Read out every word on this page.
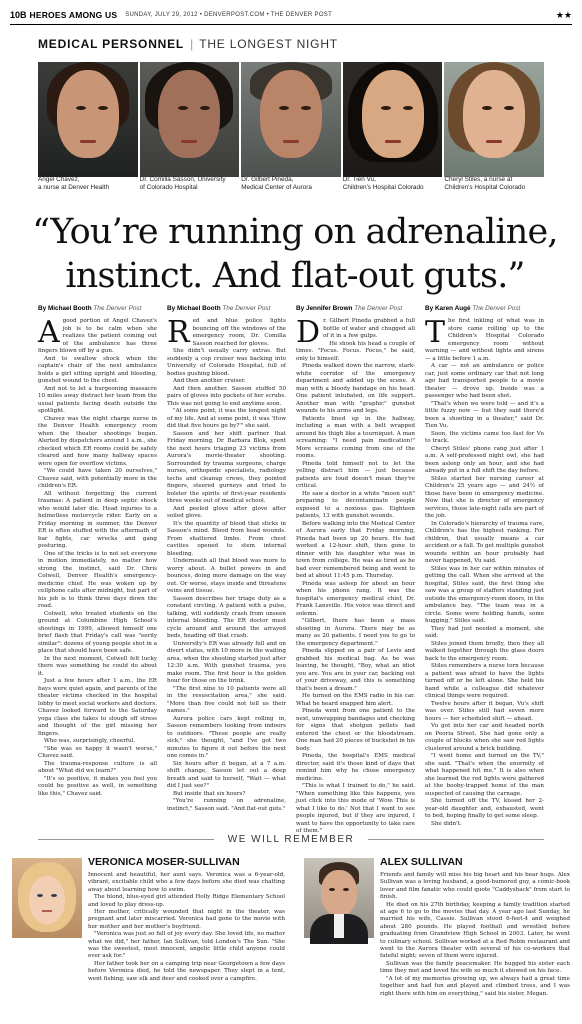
10B HEROES AMONG US SUNDAY, JULY 29, 2012 • DENVERPOST.COM • THE DENVER POST	★★
MEDICAL PERSONNEL | THE LONGEST NIGHT
Angel Chavez,
a nurse at Denver Health
Dr. Comilla Sasson, University
of Colorado Hospital
Dr. Gilbert Pineda,
Medical Center of Aurora
Dr. Tien Vu,
Children's Hospital Colorado
Cheryl Stiles, a nurse at
Children's Hospital Colorado
“You’re running on adrenaline,
instinct. And flat-out guts.”
By Michael Booth The Denver Post	By Michael Booth The Denver Post	By Jennifer Brown The Denver Post	By Karen Augé The Denver Post

Agood portion of Angel Chavez's job is to be calm when she realizes the patient coming out of the ambulance has three fingers blown off by a gun.

And to swallow shock when the captain's chair of the next ambulance holds a girl sitting upright and bleeding, gunshot wound to the chest.

And not to let a burgeoning massacre 10 miles away distract her team from the usual patients facing death outside the spotlight.

Chavez was the night charge nurse in the Denver Health emergency room when the theater shootings began. Alerted by dispatchers around 1 a.m., she checked which ER rooms could be safely cleared and how many hallway spaces were open for overflow victims.

"We could have taken 20 ourselves," Chavez said, with potentially more in the children's ER.

All without forgetting the current traumas: A patient in deep septic shock who would later die. Head injuries to a helmetless motorcycle rider. Early on a Friday morning in summer, the Denver ER is often stuffed with the aftermath of bar fights, car wrecks and gang posturing.

One of the tricks is to not set everyone in motion immediately, no matter how strong the instinct, said Dr. Chris Colwell, Denver Health's emergency-medicine chief. He was woken up by cellphone calls after midnight, but part of his job is to think three days down the road.

Colwell, who treated students on the ground at Columbine High School's shootings in 1999, allowed himself one brief flash that Friday's call was "eerily similar": dozens of young people shot in a place that should have been safe.

In the next moment, Colwell felt lucky there was something he could do about it.

Just a few hours after 1 a.m., the ER bays were quiet again, and parents of the theater victims checked in the hospital lobby to meet social workers and doctors. Chavez looked forward to the Saturday yoga class she takes to slough off stress and thought of the girl missing her fingers.

Who was, surprisingly, cheerful.

"She was so happy it wasn't worse," Chavez said.

The trauma-response culture is all about "What did we learn?"

"It's so positive, it makes you feel you could be positive as well, in something like this," Chavez said.

Red and blue police lights bouncing off the windows of the emergency room, Dr. Comilla Sasson reached for gloves.

She didn't usually carry extras. But suddenly a cop cruiser was backing into University of Colorado Hospital, full of bodies gushing blood.

And then another cruiser.

And then another. Sasson stuffed 50 pairs of gloves into pockets of her scrubs. This was not going to end anytime soon.

"At some point, it was the longest night of my life. And at some point, it was 'How did that five hours go by?'" she said.

Sasson and her shift partner that Friday morning, Dr. Barbara Blok, spent the next hours triaging 23 victims from Aurora's movie-theater shooting. Surrounded by trauma surgeons, charge nurses, orthopedic specialists, radiology techs and cleanup crews, they pointed fingers, steered gurneys and tried to bolster the spirits of first-year residents three weeks out of medical school.

And peeled glove after glove after soiled glove.

It's the quantity of blood that sticks in Sasson's mind. Blood from head wounds. From shattered limbs. From chest cavities opened to stem internal bleeding.

Underneath all that blood was more to worry about. A bullet powers in and bounces, doing more damage on the way out. Or worse, stays inside and threatens veins and tissue.

Sasson describes her triage duty as a constant circling. A patient with a pulse, talking, will suddenly crash from unseen internal bleeding. The ER doctor must cycle around and around the arrayed beds, heading off that crash.

University's ER was already full and on divert status, with 10 more in the waiting area, when the shooting started just after 12:30 a.m. With gunshot trauma, you make room. The first hour is the golden hour for those on the brink.

"The first nine to 10 patients were all in the resuscitation area," she said. "More than five could not tell us their names."

Aurora police cars kept rolling in, Sasson remembers looking from indoors to outdoors. "These people are really sick," she thought, "and I've got two minutes to figure it out before the next one comes in."

Six hours after it began, at a 7 a.m. shift change, Sasson let out a deep breath and said to herself, "Wait — what did I just see?"

But inside that six hours?

"You're running on adrenaline, instinct," Sasson said. "And flat-out guts."

Dr. Gilbert Pineda grabbed a full bottle of water and chugged all of it in a few gulps.

He shook his head a couple of times. "Focus. Focus. Focus," he said, only to himself.

Pineda walked down the narrow, stark-white corridor of the emergency department and added up the scene. A man with a bloody bandage on his head. One patient intubated, on life support. Another man with "graphic" gunshot wounds to his arms and legs.

Patients lined up in the hallway, including a man with a belt wrapped around his thigh like a tourniquet. A man screaming: "I need pain medication!" More screams coming from one of the rooms.

Pineda told himself not to let the yelling distract him — just because patients are loud doesn't mean they're critical.

He saw a doctor in a white "moon suit" preparing to decontaminate people exposed to a noxious gas. Eighteen patients, 13 with gunshot wounds.

Before walking into the Medical Center of Aurora early that Friday morning, Pineda had been up 20 hours. He had worked a 12-hour shift, then gone to dinner with his daughter who was in town from college. He was as tired as he had ever remembered being and went to bed at about 11:45 p.m. Thursday.

Pineda was asleep for about an hour when his phone rang. It was the hospital's emergency medical chief, Dr. Frank Lansville. His voice was direct and solemn.

"Gilbert, there has been a mass shooting in Aurora. There may be as many as 20 patients. I need you to go to the emergency department."

Pineda slipped on a pair of Levis and grabbed his medical bag. As he was leaving, he thought, "Boy, what an idiot you are. You are in your car, backing out of your driveway, and this is something that's been a dream."

He turned on the EMS radio in his car. What he heard snapped him alert.

Pineda went from one patient to the next, unwrapping bandages and checking for signs that shotgun pellets had entered the chest or the bloodstream. One man had 20 pieces of buckshot in his body.

Pineda, the hospital's EMS medical director, said it's those kind of days that remind him why he chose emergency medicine.

"This is what I trained to do," he said. "When something like this happens, you just click into this mode of 'Wow. This is what I like to do.' Not that I want to see people injured, but if they are injured, I want to have the opportunity to take care of them."

The first inkling of what was in store came rolling up to the Children's Hospital Colorado emergency room without warning — and without lights and sirens — a little before 1 a.m.

A car — not an ambulance or police car, just some ordinary car that not long ago had transported people to a movie theater — drove up. Inside was a passenger who had been shot.

"That's when we were told — and it's a little fuzzy now — but they said there'd been a shooting in a theater," said Dr. Tien Vu.

Soon, the victims came too fast for Vu to track.

Cheryl Stiles' phone rang just after 1 a.m. A self-professed night owl, she had been asleep only an hour, and she had already put in a full shift the day before.

Stiles started her nursing career at Children's 25 years ago — and 24½ of those have been in emergency medicine. Now that she is director of emergency services, those late-night calls are part of the job.

In Colorado's hierarchy of trauma care, Children's has the highest ranking. For children, that usually means a car accident or a fall. To get multiple gunshot wounds within an hour probably had never happened, Vu said.

Stiles was in her car within minutes of getting the call. When she arrived at the hospital, Stiles said, the first thing she saw was a group of staffers standing just outside the emergency-room doors, in the ambulance bay. "The team was in a circle. Some were holding hands, some hugging," Stiles said.

They had just needed a moment, she said.

Stiles joined them briefly, then they all walked together through the glass doors back to the emergency room.

Stiles remembers a nurse torn because a patient was afraid to have the lights turned off or be left alone. She held his hand while a colleague did whatever clinical things were required.

Twelve hours after it began, Vu's shift was over. Stiles still had seven more hours — her scheduled shift — ahead.

Vu got into her car and headed north on Peoria Street. She had gone only a couple of blocks when she saw red lights clustered around a brick building.

"I went home and turned on the TV," she said. "That's when the enormity of what happened hit me." It is also when she learned the red lights were gathered at the booby-trapped home of the man suspected of causing the carnage.

She turned off the TV, kissed her 2-year-old daughter and, exhausted, went to bed, hoping finally to get some sleep.

She didn't.

WE WILL REMEMBER
VERONICA MOSER-SULLIVAN

Innocent and beautiful, her aunt says. Veronica was a 6-year-old, vibrant, excitable child who a few days before she died was chatting away about learning how to swim.

The blond, blue-eyed girl attended Holly Ridge Elementary School and loved to play dress-up.

Her mother, critically wounded that night in the theater, was pregnant and later miscarried. Veronica had gone to the movie with her mother and her mother's boyfriend.

"Veronica was just so full of joy every day. She loved life, no matter what we did," her father, Ian Sullivan, told London's The Sun. "She was the sweetest, most innocent, angelic little child anyone could ever ask for."

Her father took her on a camping trip near Georgetown a few days before Veronica died, he told the newspaper. They slept in a tent, went fishing, saw elk and deer and cooked over a campfire.

ALEX SULLIVAN

Friends and family will miss his big heart and his bear hugs. Alex Sullivan was a loving husband, a good-humored guy, a comic-book lover and film fanatic who could quote "Caddyshack" from start to finish.

He died on his 27th birthday, keeping a family tradition started at age 6 to go to the movies that day. A year ago last Sunday, he married his wife, Cassie. Sullivan stood 6-feet-4 and weighed about 280 pounds. He played football and wrestled before graduating from Grandview High School in 2003. Later, he went to culinary school. Sullivan worked at a Red Robin restaurant and went to the Aurora theater with several of his co-workers that fateful night; seven of them were injured.

Sullivan was the family peacemaker. He hugged his sister each time they met and loved his wife so much it showed on his face.

"A lot of my memories growing up, we always had a great time together and had fun and played and climbed trees, and I was right there with him on everything," said his sister, Megan.
